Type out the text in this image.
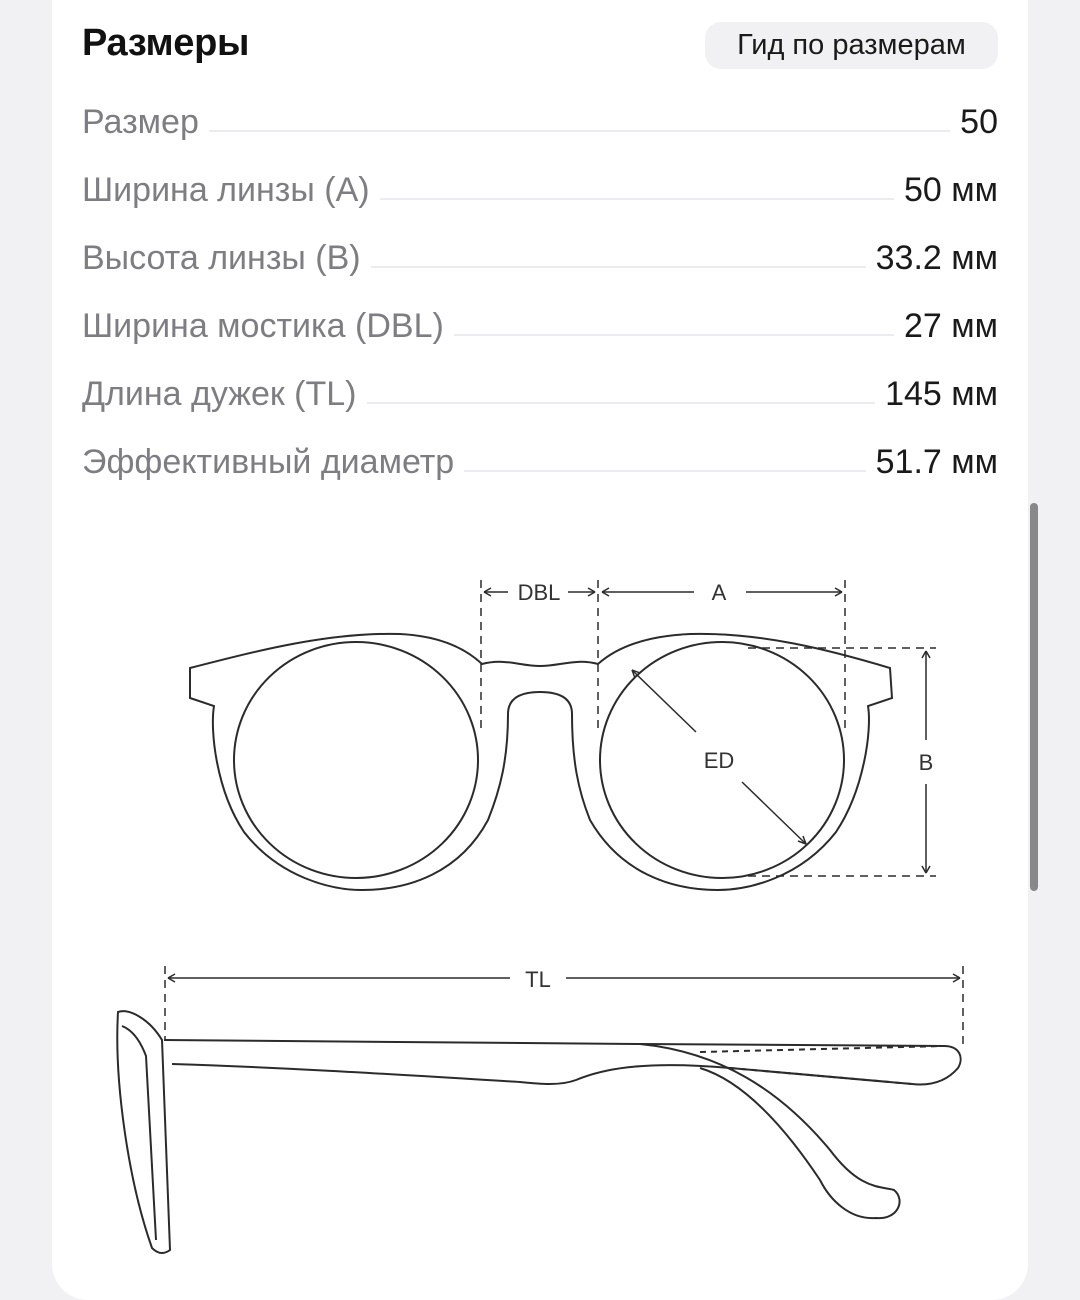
Размеры	Гид по размерам
Размер	50
Ширина линзы (A)	50 мм
Высота линзы (B)	33.2 мм
Ширина мостика (DBL)	27 мм
Длина дужек (TL)	145 мм
Эффективный диаметр	51.7 мм
DBL	A
ED	B
TL
